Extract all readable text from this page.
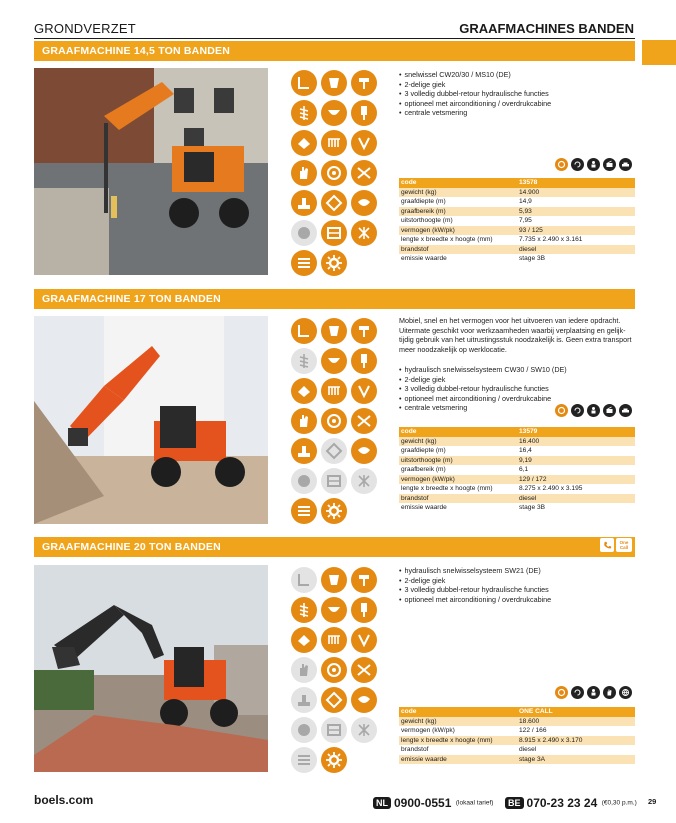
GRONDVERZET	GRAAFMACHINES BANDEN
GRAAFMACHINE 14,5 TON BANDEN
• snelwissel CW20/30 / MS10 (DE)
• 2-delige giek
• 3 volledig dubbel-retour hydraulische functies
• optioneel met airconditioning / overdrukcabine
• centrale vetsmering
code	13578
gewicht (kg)	14.900
graafdiepte (m)	14,9
graafbereik (m)	5,93
uitstorthoogte (m)	7,95
vermogen (kW/pk)	93 / 125
lengte x breedte x hoogte (mm)	7.735 x 2.490 x 3.161
brandstof	diesel
emissie waarde	stage 3B
GRAAFMACHINE 17 TON BANDEN
Mobiel, snel en het vermogen voor het uitvoeren van iedere opdracht. Uitermate geschikt voor werkzaamheden waarbij verplaatsing en gelijk-tijdig gebruik van het uitrustingsstuk noodzakelijk is. Geen extra transport meer noodzakelijk op werklocatie.
• hydraulisch snelwisselsysteem CW30 / SW10 (DE)
• 2-delige giek
• 3 volledig dubbel-retour hydraulische functies
• optioneel met airconditioning / overdrukcabine
• centrale vetsmering
code	13579
gewicht (kg)	16.400
graafdiepte (m)	16,4
uitstorthoogte (m)	9,19
graafbereik (m)	6,1
vermogen (kW/pk)	129 / 172
lengte x breedte x hoogte (mm)	8.275 x 2.490 x 3.195
brandstof	diesel
emissie waarde	stage 3B
GRAAFMACHINE 20 TON BANDEN	One Call
• hydraulisch snelwisselsysteem SW21 (DE)
• 2-delige giek
• 3 volledig dubbel-retour hydraulische functies
• optioneel met airconditioning / overdrukcabine
code	ONE CALL
gewicht (kg)	18.600
vermogen (kW/pk)	122 / 166
lengte x breedte x hoogte (mm)	8.915 x 2.490 x 3.170
brandstof	diesel
emissie waarde	stage 3A
boels.com	NL 0900-0551 (lokaal tarief)	BE 070-23 23 24 (€0,30 p.m.) 29
